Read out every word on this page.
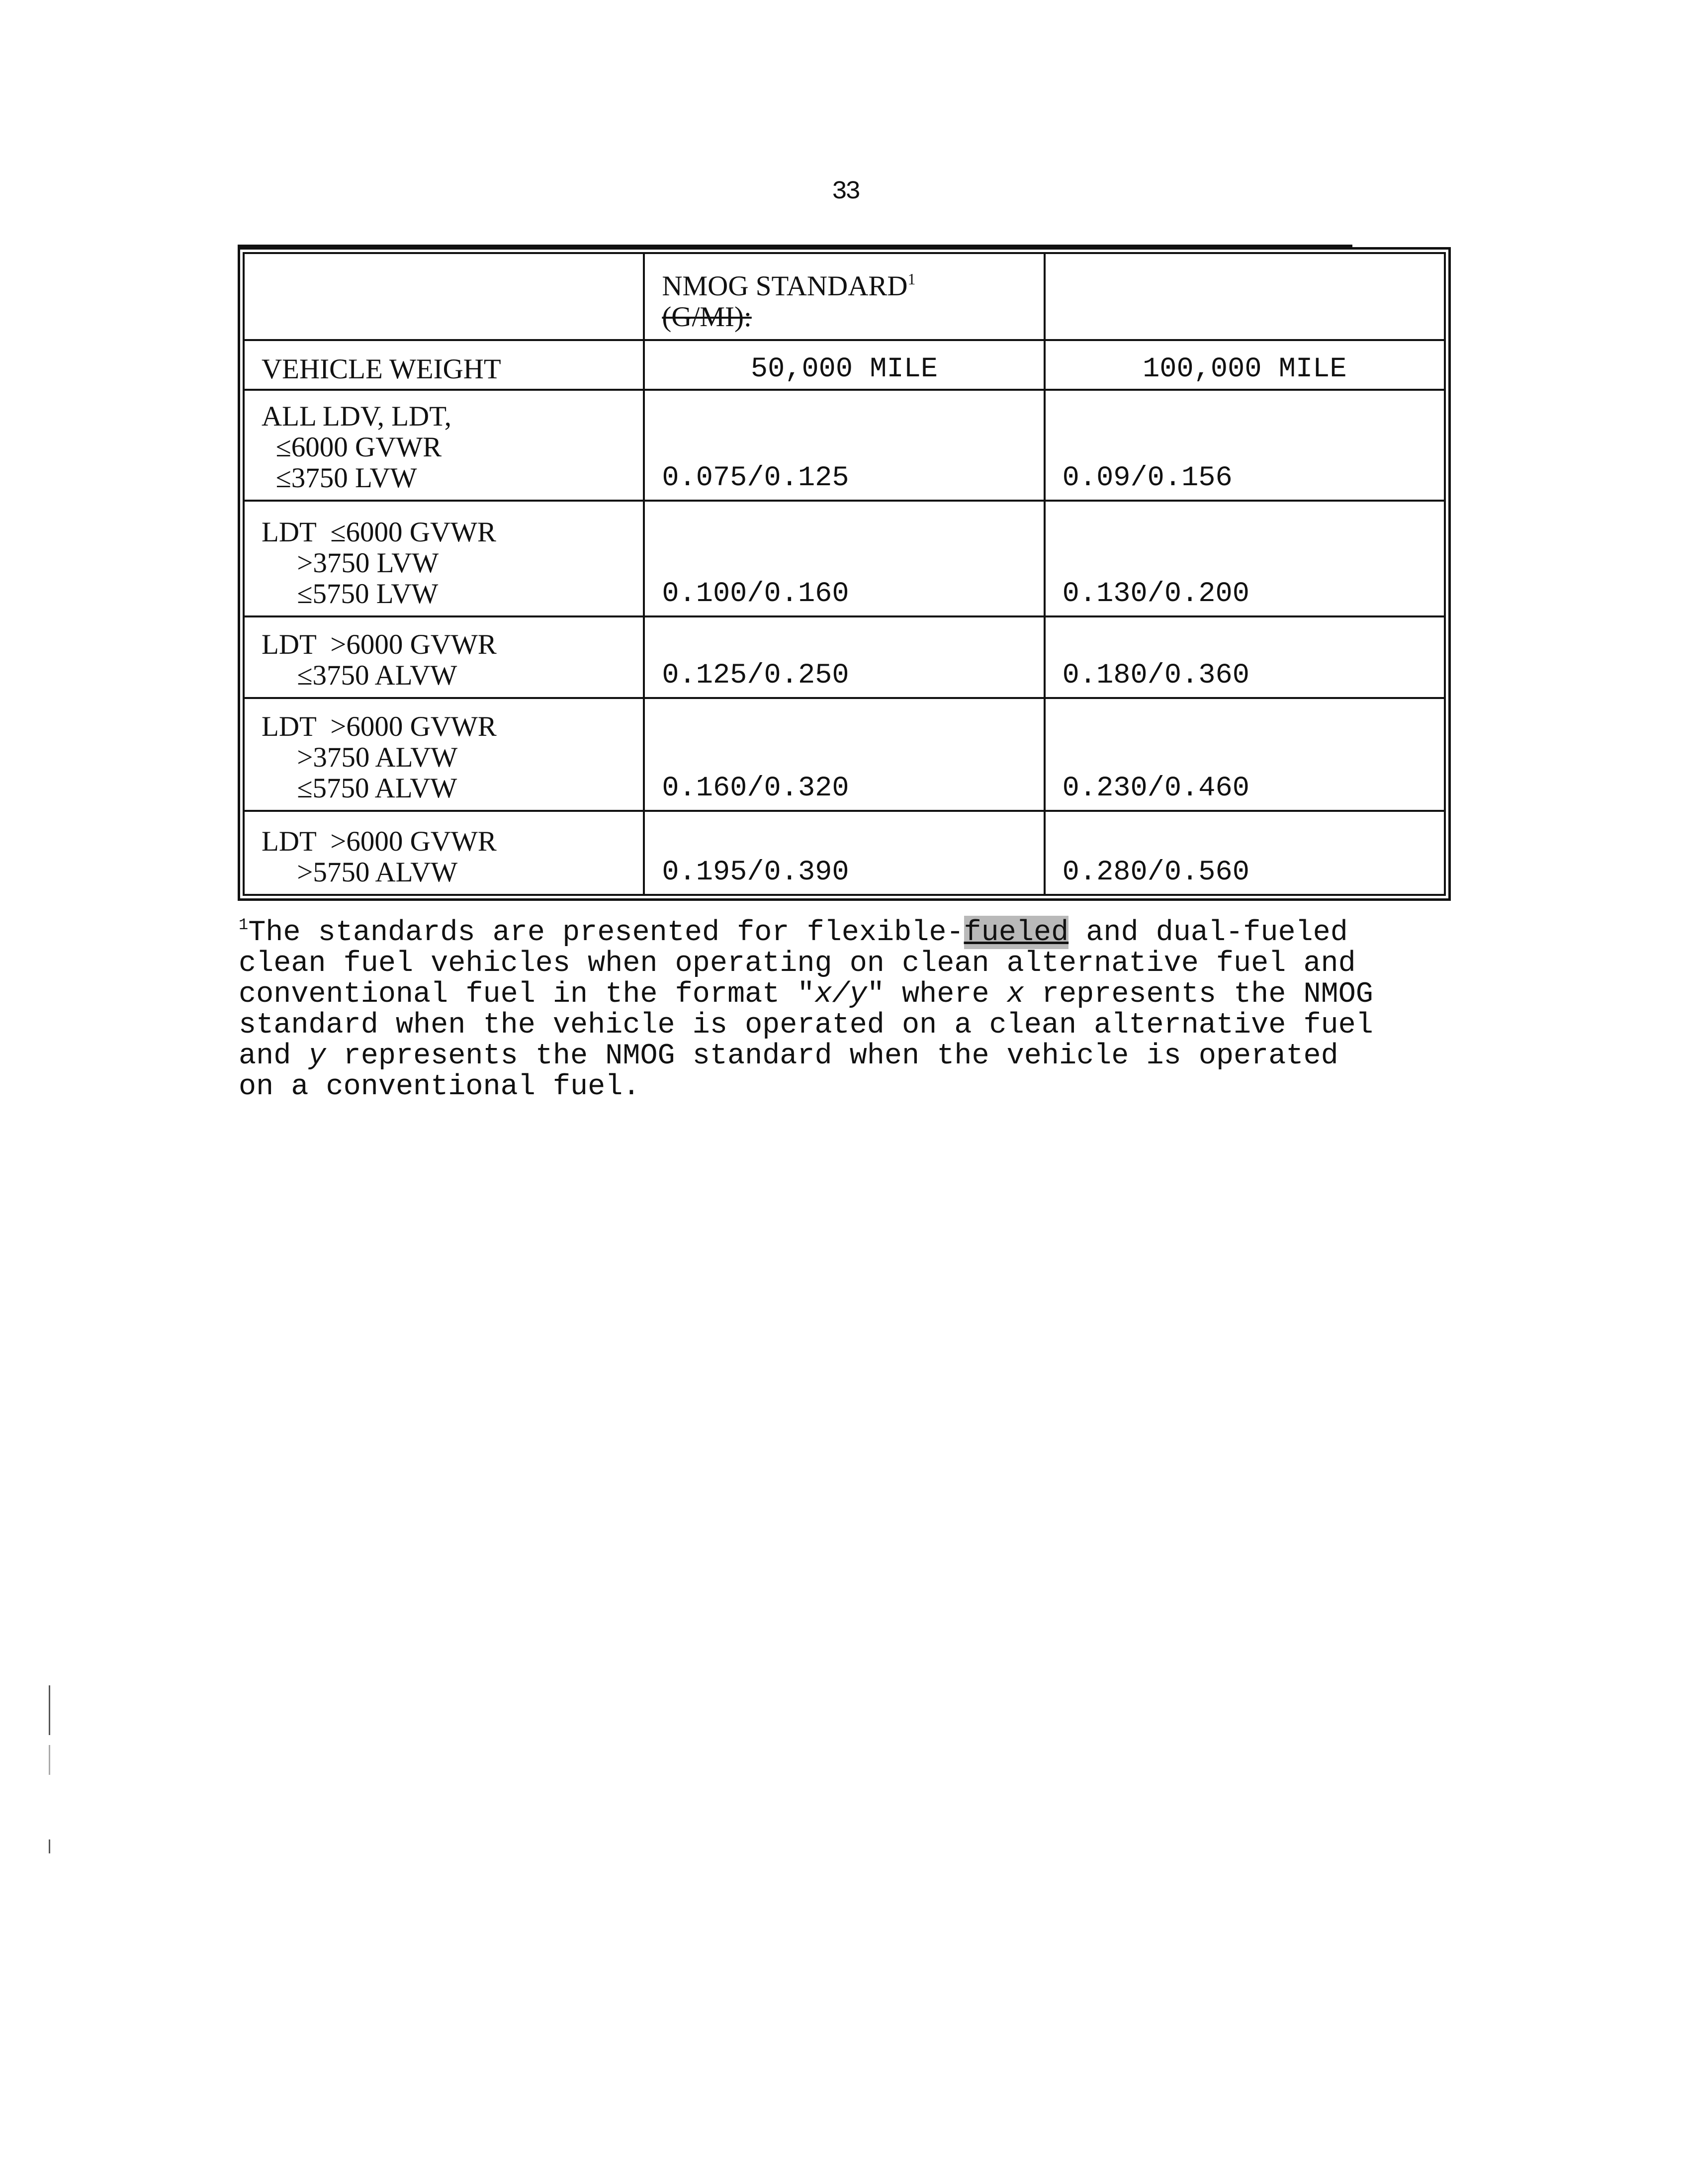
33
	NMOG STANDARD$^1$
(G/MI):	

VEHICLE WEIGHT	50,000 MILE	100,000 MILE
ALL LDV, LDT,
≤6000 GVWR
≤3750 LVW	0.075/0.125	0.09/0.156
LDT  ≤6000 GVWR
>3750 LVW
≤5750 LVW	0.100/0.160	0.130/0.200
LDT  >6000 GVWR
≤3750 ALVW	0.125/0.250	0.180/0.360
LDT  >6000 GVWR
>3750 ALVW
≤5750 ALVW	0.160/0.320	0.230/0.460
LDT  >6000 GVWR
>5750 ALVW	0.195/0.390	0.280/0.560

$^1$The standards are presented for flexible-fueled and dual-fueled
clean fuel vehicles when operating on clean alternative fuel and
conventional fuel in the format "x/y" where x represents the NMOG
standard when the vehicle is operated on a clean alternative fuel
and y represents the NMOG standard when the vehicle is operated
on a conventional fuel.
